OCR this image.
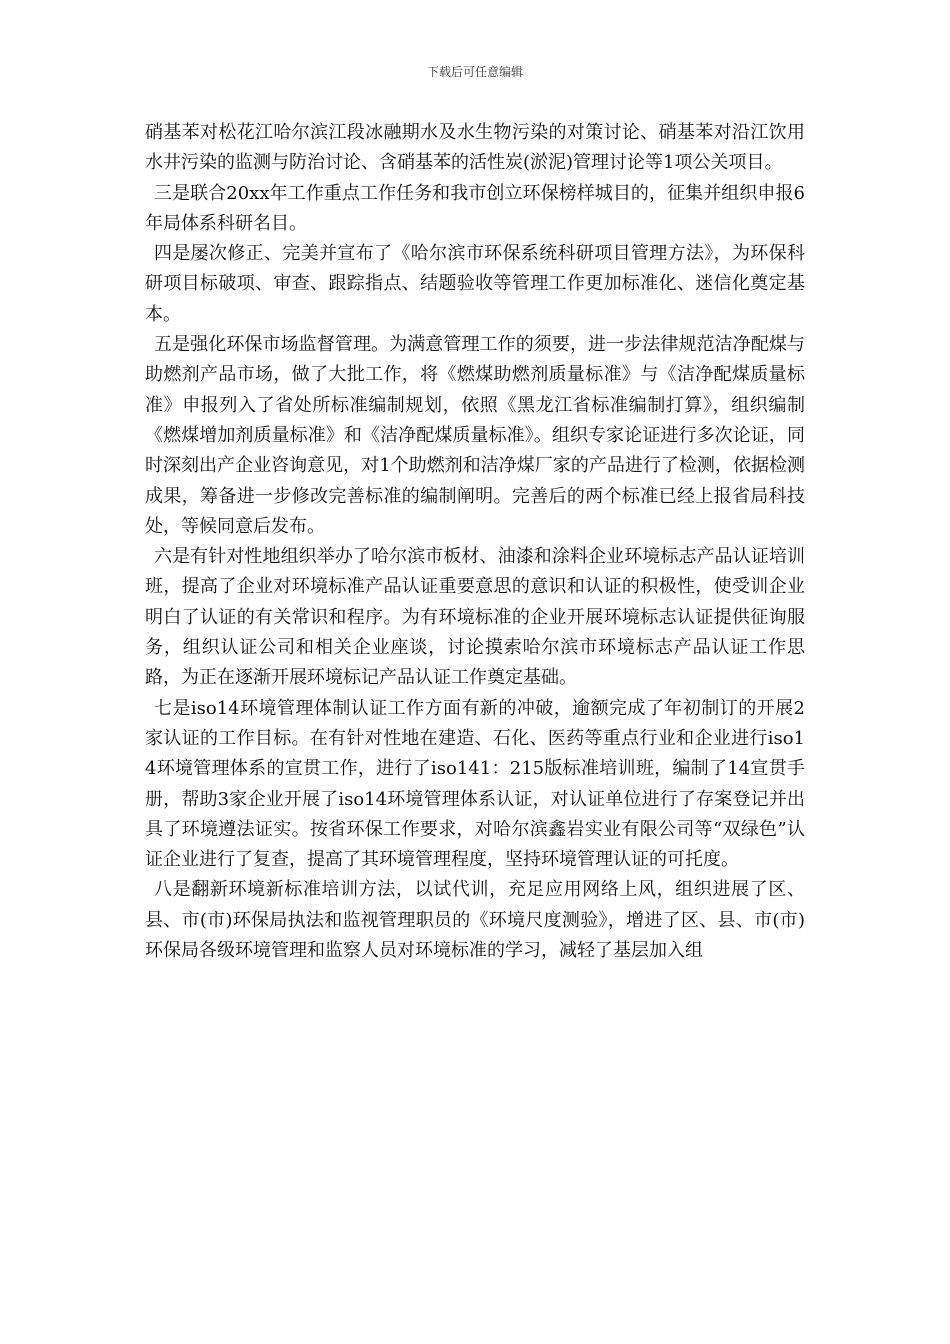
下载后可任意编辑

硝基苯对松花江哈尔滨江段冰融期水及水生物污染的对策讨论、硝基苯对沿江饮用水井污染的监测与防治讨论、含硝基苯的活性炭(淤泥)管理讨论等1项公关项目。

三是联合20xx年工作重点工作任务和我市创立环保榜样城目的，征集并组织申报6年局体系科研名目。

四是屡次修正、完美并宣布了《哈尔滨市环保系统科研项目管理方法》，为环保科研项目标破项、审查、跟踪指点、结题验收等管理工作更加标准化、迷信化奠定基本。

五是强化环保市场监督管理。为满意管理工作的须要，进一步法律规范洁净配煤与助燃剂产品市场，做了大批工作，将《燃煤助燃剂质量标准》与《洁净配煤质量标准》申报列入了省处所标准编制规划，依照《黑龙江省标准编制打算》，组织编制《燃煤增加剂质量标准》和《洁净配煤质量标准》。组织专家论证进行多次论证，同时深刻出产企业咨询意见，对1个助燃剂和洁净煤厂家的产品进行了检测，依据检测成果，筹备进一步修改完善标准的编制阐明。完善后的两个标准已经上报省局科技处，等候同意后发布。

六是有针对性地组织举办了哈尔滨市板材、油漆和涂料企业环境标志产品认证培训班，提高了企业对环境标准产品认证重要意思的意识和认证的积极性，使受训企业明白了认证的有关常识和程序。为有环境标准的企业开展环境标志认证提供征询服务，组织认证公司和相关企业座谈，讨论摸索哈尔滨市环境标志产品认证工作思路，为正在逐渐开展环境标记产品认证工作奠定基础。

七是iso14环境管理体制认证工作方面有新的冲破，逾额完成了年初制订的开展2家认证的工作目标。在有针对性地在建造、石化、医药等重点行业和企业进行iso14环境管理体系的宣贯工作，进行了iso141：215版标准培训班，编制了14宣贯手册，帮助3家企业开展了iso14环境管理体系认证，对认证单位进行了存案登记并出具了环境遵法证实。按省环保工作要求，对哈尔滨鑫岩实业有限公司等“双绿色”认证企业进行了复查，提高了其环境管理程度，坚持环境管理认证的可托度。

八是翻新环境新标准培训方法，以试代训，充足应用网络上风，组织进展了区、县、市(市)环保局执法和监视管理职员的《环境尺度测验》，增进了区、县、市(市)环保局各级环境管理和监察人员对环境标准的学习，减轻了基层加入组
